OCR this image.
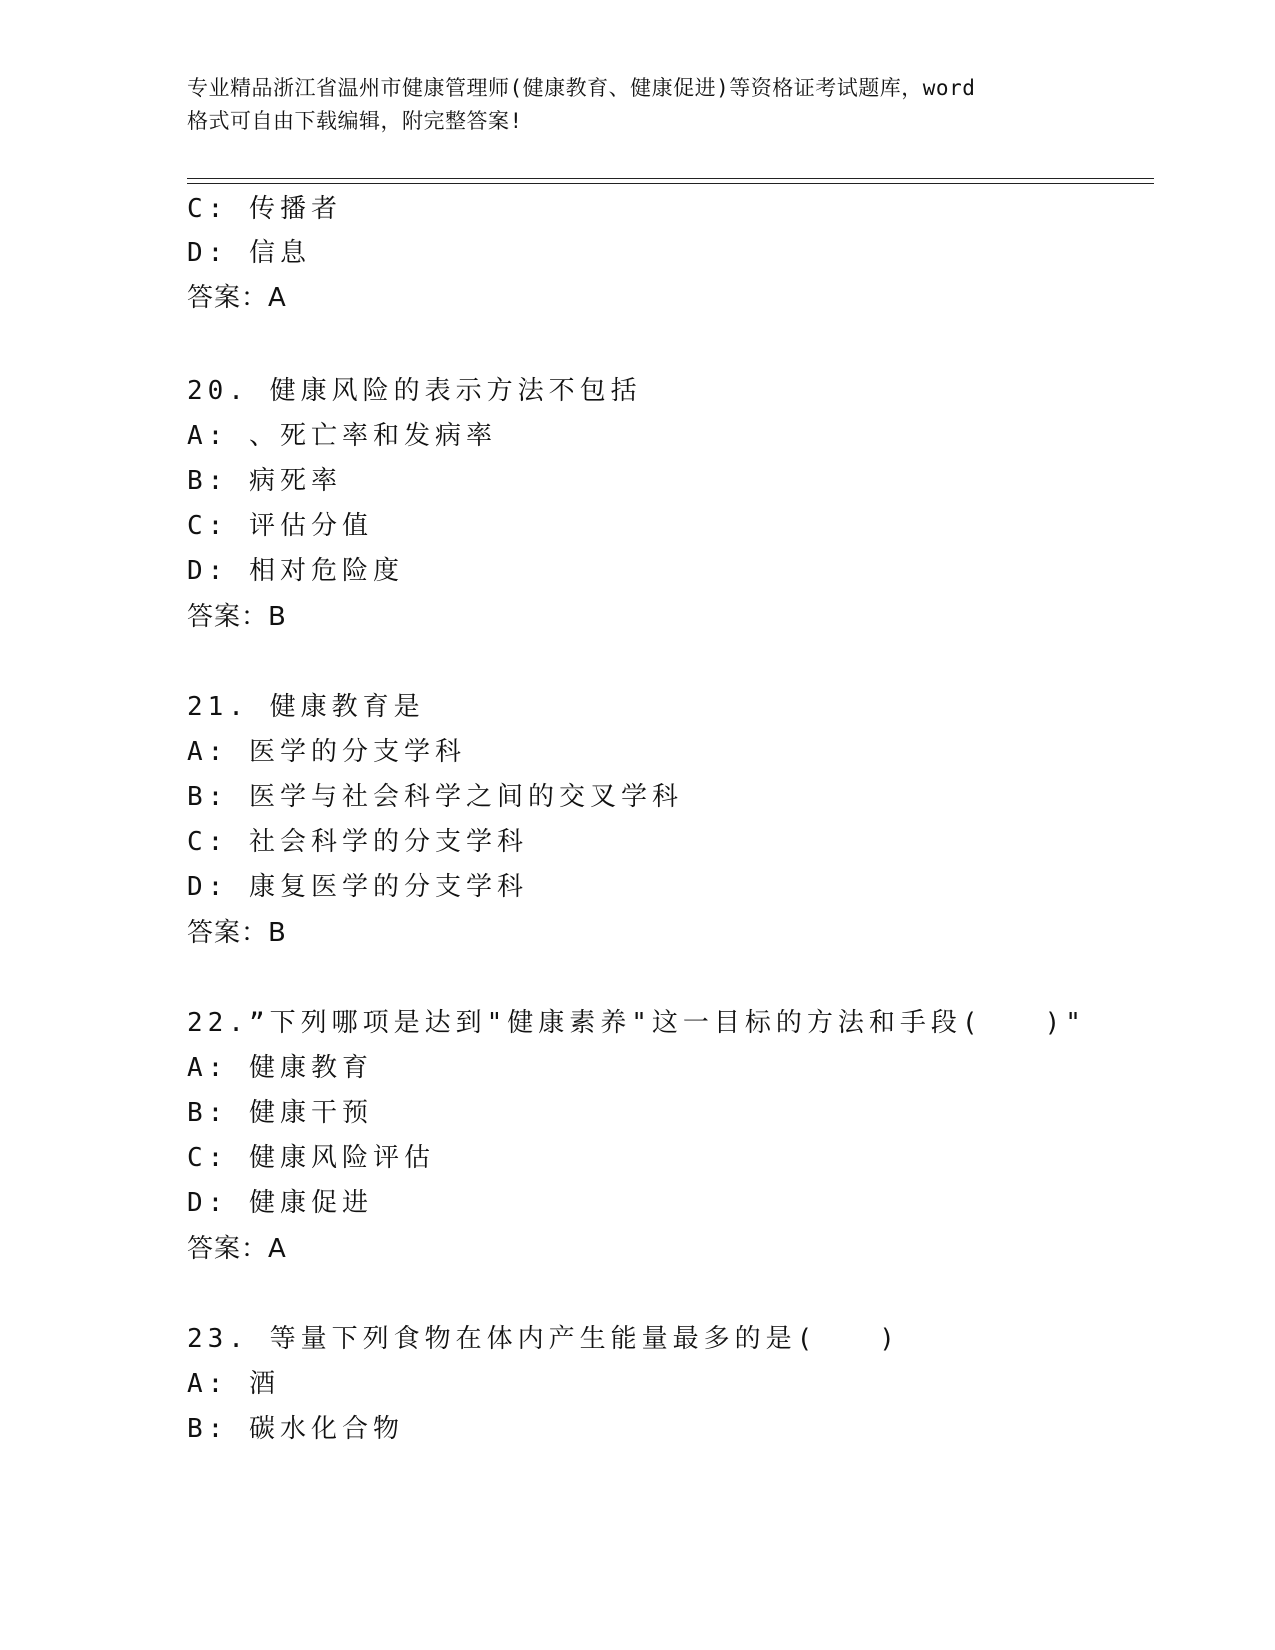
专业精品浙江省温州市健康管理师(健康教育、健康促进)等资格证考试题库，word
格式可自由下载编辑，附完整答案!
C: 传播者
D: 信息
答案：A
20. 健康风险的表示方法不包括
A: 、死亡率和发病率
B: 病死率
C: 评估分值
D: 相对危险度
答案：B
21. 健康教育是
A: 医学的分支学科
B: 医学与社会科学之间的交叉学科
C: 社会科学的分支学科
D: 康复医学的分支学科
答案：B
22.”下列哪项是达到"健康素养"这一目标的方法和手段(　　)"
A: 健康教育
B: 健康干预
C: 健康风险评估
D: 健康促进
答案：A
23. 等量下列食物在体内产生能量最多的是(　　)
A: 酒
B: 碳水化合物
